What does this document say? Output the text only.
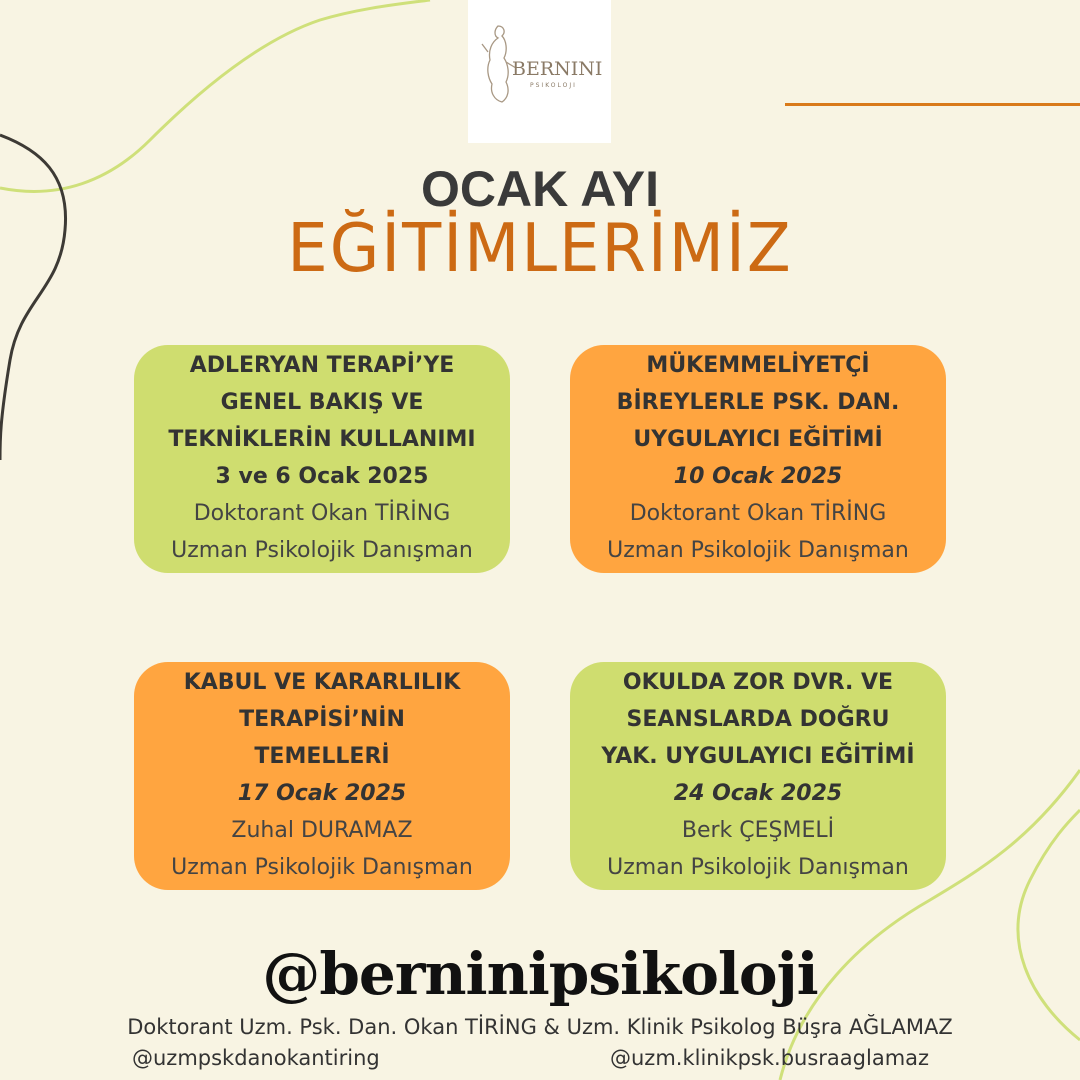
BERNINI
PSIKOLOJI
OCAK AYI
EĞİTİMLERİMİZ
ADLERYAN TERAPİ’YE
GENEL BAKIŞ VE
TEKNİKLERİN KULLANIMI
3 ve 6 Ocak 2025
Doktorant Okan TİRİNG
Uzman Psikolojik Danışman
MÜKEMMELİYETÇİ
BİREYLERLE PSK. DAN.
UYGULAYICI EĞİTİMİ
10 Ocak 2025
Doktorant Okan TİRİNG
Uzman Psikolojik Danışman
KABUL VE KARARLILIK
TERAPİSİ’NİN
TEMELLERİ
17 Ocak 2025
Zuhal DURAMAZ
Uzman Psikolojik Danışman
OKULDA ZOR DVR. VE
SEANSLARDA DOĞRU
YAK. UYGULAYICI EĞİTİMİ
24 Ocak 2025
Berk ÇEŞMELİ
Uzman Psikolojik Danışman
@berninipsikoloji
Doktorant Uzm. Psk. Dan. Okan TİRİNG & Uzm. Klinik Psikolog Büşra AĞLAMAZ
@uzmpskdanokantiring	@uzm.klinikpsk.busraaglamaz
